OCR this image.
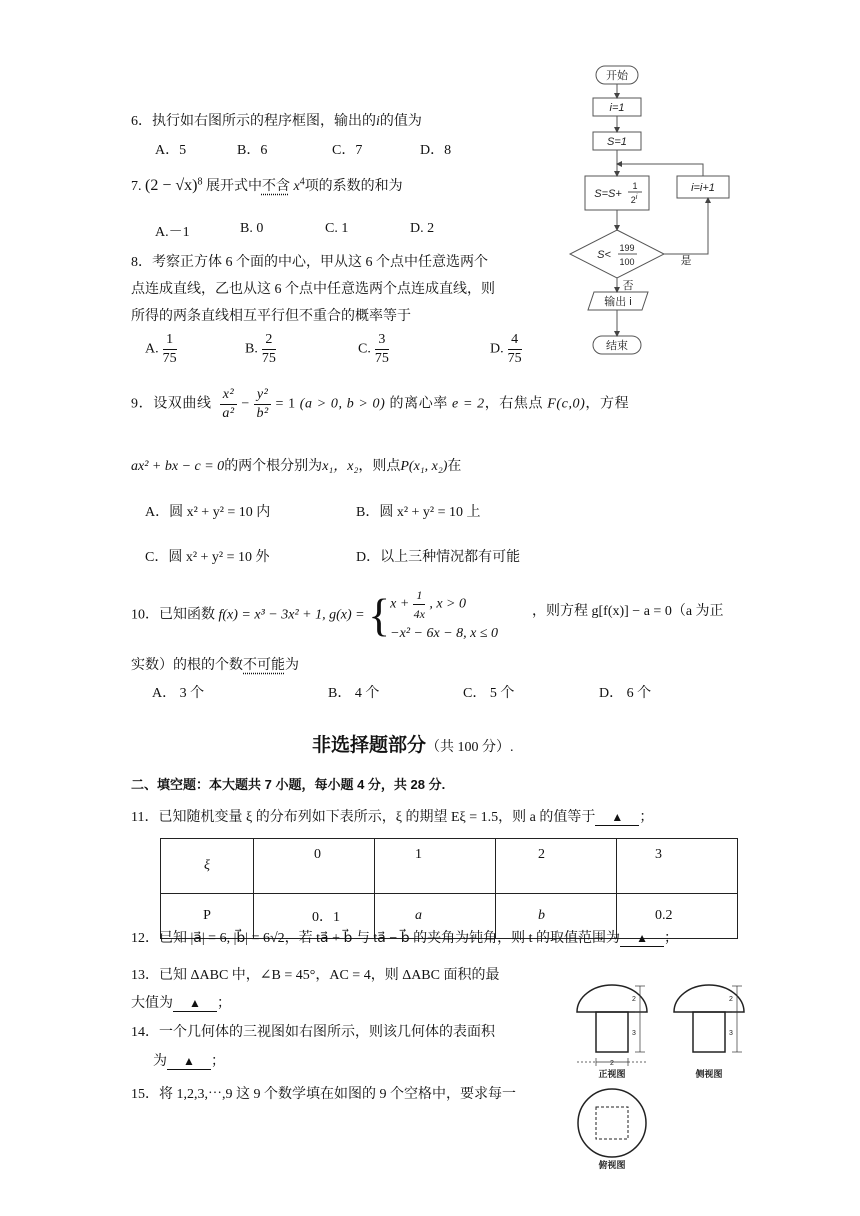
6．执行如右图所示的程序框图，输出的i的值为
A．5	B．6	C．7	D．8
开始
i=1
S=1
S=S+
1
2$^i$
i=i+1
S<
199
100	是
否
输出 i
结束
7. $(2 - √x)^8$ 展开式中不含 $x^4$项的系数的和为
A.－1	B. 0	C. 1	D. 2
8．考察正方体 6 个面的中心，甲从这 6 个点中任意选两个
点连成直线，乙也从这 6 个点中任意选两个点连成直线，则
所得的两条直线相互平行但不重合的概率等于
A. $\frac{1}{75}$	B. $\frac{2}{75}$	C. $\frac{3}{75}$	D. $\frac{4}{75}$
9．设双曲线 $\frac{\text{x²}}{\text{a²}} - \frac{\text{y²}}{\text{b²}} = 1$ (a > 0, b > 0) 的离心率 e = 2，右焦点 F(c,0)，方程
ax² + bx − c = 0的两个根分别为x₁，x₂，则点P(x₁, x₂)在
A．圆 x² + y² = 10 内	B．圆 x² + y² = 10 上
C．圆 x² + y² = 10 外	D．以上三种情况都有可能
10．已知函数 f(x) = x³ − 3x² + 1, g(x) = { $x + \frac{1}{4x}$ , x > 0
−x² − 6x − 8, x ≤ 0
，则方程 g[f(x)] − a = 0（a 为正
实数）的根的个数不可能为
A． 3 个	B． 4 个	C． 5 个	D． 6 个
非选择题部分（共 100 分）.
二、填空题：本大题共 7 小题，每小题 4 分，共 28 分.
11．已知随机变量 ξ 的分布列如下表所示，ξ 的期望 Eξ = 1.5，则 a 的值等于 ▲ ；
ξ	0	1	2	3
P	0．1	a	b	0.2
12．已知 |a⃗| = 6, |b⃗| = 6√2，若 ta⃗ + b⃗ 与 ta⃗ − b⃗ 的夹角为钝角，则 t 的取值范围为 ▲ ；
13．已知 ΔABC 中，∠B = 45°，AC = 4，则 ΔABC 面积的最
大值为 ▲ ；
14．一个几何体的三视图如右图所示，则该几何体的表面积
为 ▲ ；
15．将 1,2,3,⋯,9 这 9 个数学填在如图的 9 个空格中，要求每一
2
3
2
3
2
正视图	侧视图
俯视图
